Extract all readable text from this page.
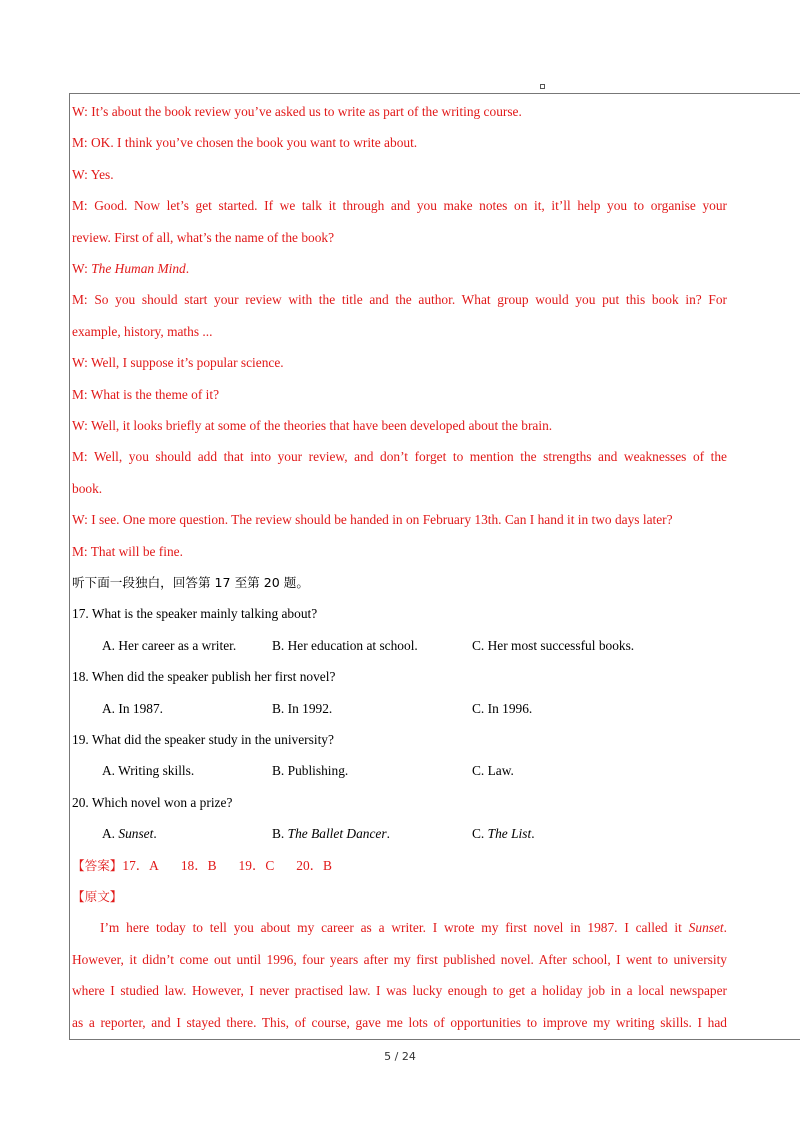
W: It’s about the book review you’ve asked us to write as part of the writing course.
M: OK. I think you’ve chosen the book you want to write about.
W: Yes.
M: Good. Now let’s get started. If we talk it through and you make notes on it, it’ll help you to organise your
review. First of all, what’s the name of the book?
W: The Human Mind.
M: So you should start your review with the title and the author. What group would you put this book in? For
example, history, maths ...
W: Well, I suppose it’s popular science.
M: What is the theme of it?
W: Well, it looks briefly at some of the theories that have been developed about the brain.
M: Well, you should add that into your review, and don’t forget to mention the strengths and weaknesses of the
book.
W: I see. One more question. The review should be handed in on February 13th. Can I hand it in two days later?
M: That will be fine.
听下面一段独白，回答第 17 至第 20 题。
17. What is the speaker mainly talking about?
A. Her career as a writer.	B. Her education at school.	C. Her most successful books.
18. When did the speaker publish her first novel?
A. In 1987.	B. In 1992.	C. In 1996.
19. What did the speaker study in the university?
A. Writing skills.	B. Publishing.	C. Law.
20. Which novel won a prize?
A. Sunset.	B. The Ballet Dancer.	C. The List.
【答案】17．A 18．B 19．C 20．B
【原文】
I’m here today to tell you about my career as a writer. I wrote my first novel in 1987. I called it Sunset.
However, it didn’t come out until 1996, four years after my first published novel. After school, I went to university
where I studied law. However, I never practised law. I was lucky enough to get a holiday job in a local newspaper
as a reporter, and I stayed there. This, of course, gave me lots of opportunities to improve my writing skills. I had
5 / 24
